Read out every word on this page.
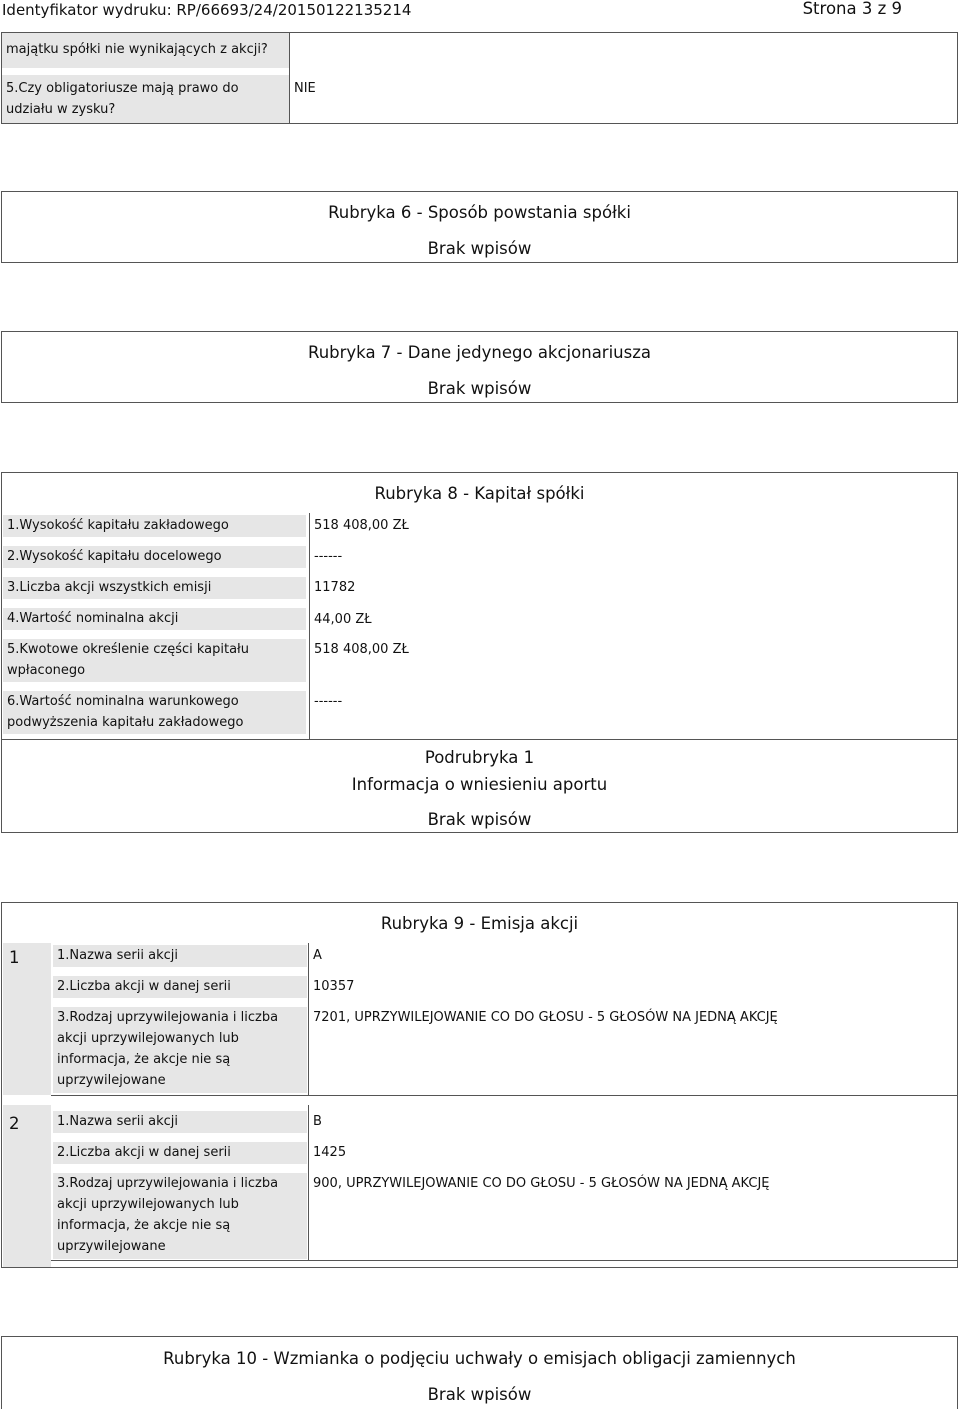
Identyfikator wydruku: RP/66693/24/20150122135214	Strona 3 z 9
majątku spółki nie wynikających z akcji?
5.Czy obligatoriusze mają prawo do udziału w zysku?
NIE
Rubryka 6 - Sposób powstania spółki
Brak wpisów
Rubryka 7 - Dane jedynego akcjonariusza
Brak wpisów
Rubryka 8 - Kapitał spółki
1.Wysokość kapitału zakładowego	518 408,00 ZŁ
2.Wysokość kapitału docelowego	------
3.Liczba akcji wszystkich emisji	11782
4.Wartość nominalna akcji	44,00 ZŁ
5.Kwotowe określenie części kapitału wpłaconego
518 408,00 ZŁ
6.Wartość nominalna warunkowego podwyższenia kapitału zakładowego
------
Podrubryka 1
Informacja o wniesieniu aportu
Brak wpisów
Rubryka 9 - Emisja akcji
1	1.Nazwa serii akcji	A
2.Liczba akcji w danej serii	10357
3.Rodzaj uprzywilejowania i liczba akcji uprzywilejowanych lub informacja, że akcje nie są uprzywilejowane
7201, UPRZYWILEJOWANIE CO DO GŁOSU - 5 GŁOSÓW NA JEDNĄ AKCJĘ
2	1.Nazwa serii akcji	B
2.Liczba akcji w danej serii	1425
3.Rodzaj uprzywilejowania i liczba akcji uprzywilejowanych lub informacja, że akcje nie są uprzywilejowane
900, UPRZYWILEJOWANIE CO DO GŁOSU - 5 GŁOSÓW NA JEDNĄ AKCJĘ
Rubryka 10 - Wzmianka o podjęciu uchwały o emisjach obligacji zamiennych
Brak wpisów
